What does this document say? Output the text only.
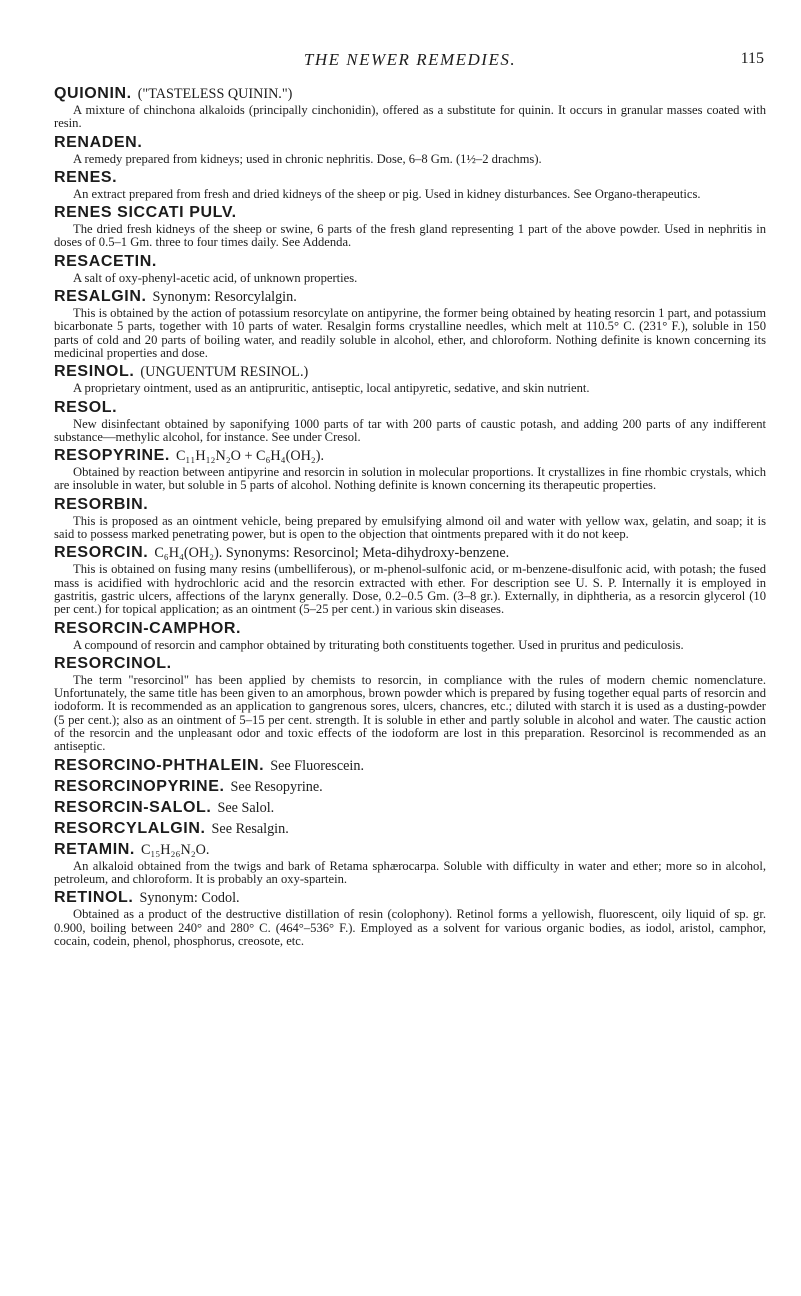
THE NEWER REMEDIES.	115
QUIONIN. ("TASTELESS QUININ.")

A mixture of chinchona alkaloids (principally cinchonidin), offered as a substitute for quinin. It occurs in granular masses coated with resin.

RENADEN.

A remedy prepared from kidneys; used in chronic nephritis. Dose, 6–8 Gm. (1½–2 drachms).

RENES.

An extract prepared from fresh and dried kidneys of the sheep or pig. Used in kidney disturbances. See Organo-therapeutics.

RENES SICCATI PULV.

The dried fresh kidneys of the sheep or swine, 6 parts of the fresh gland representing 1 part of the above powder. Used in nephritis in doses of 0.5–1 Gm. three to four times daily. See Addenda.

RESACETIN.

A salt of oxy-phenyl-acetic acid, of unknown properties.

RESALGIN. Synonym: Resorcylalgin.

This is obtained by the action of potassium resorcylate on antipyrine, the former being obtained by heating resorcin 1 part, and potassium bicarbonate 5 parts, together with 10 parts of water. Resalgin forms crystalline needles, which melt at 110.5° C. (231° F.), soluble in 150 parts of cold and 20 parts of boiling water, and readily soluble in alcohol, ether, and chloroform. Nothing definite is known concerning its medicinal properties and dose.

RESINOL. (UNGUENTUM RESINOL.)

A proprietary ointment, used as an antipruritic, antiseptic, local antipyretic, sedative, and skin nutrient.

RESOL.

New disinfectant obtained by saponifying 1000 parts of tar with 200 parts of caustic potash, and adding 200 parts of any indifferent substance—methylic alcohol, for instance. See under Cresol.

RESOPYRINE. C₁₁H₁₂N₂O + C₆H₄(OH₂).

Obtained by reaction between antipyrine and resorcin in solution in molecular proportions. It crystallizes in fine rhombic crystals, which are insoluble in water, but soluble in 5 parts of alcohol. Nothing definite is known concerning its therapeutic properties.

RESORBIN.

This is proposed as an ointment vehicle, being prepared by emulsifying almond oil and water with yellow wax, gelatin, and soap; it is said to possess marked penetrating power, but is open to the objection that ointments prepared with it do not keep.

RESORCIN. C₆H₄(OH₂). Synonyms: Resorcinol; Meta-dihydroxy-benzene.

This is obtained on fusing many resins (umbelliferous), or m-phenol-sulfonic acid, or m-benzene-disulfonic acid, with potash; the fused mass is acidified with hydrochloric acid and the resorcin extracted with ether. For description see U. S. P. Internally it is employed in gastritis, gastric ulcers, affections of the larynx generally. Dose, 0.2–0.5 Gm. (3–8 gr.). Externally, in diphtheria, as a resorcin glycerol (10 per cent.) for topical application; as an ointment (5–25 per cent.) in various skin diseases.

RESORCIN-CAMPHOR.

A compound of resorcin and camphor obtained by triturating both constituents together. Used in pruritus and pediculosis.

RESORCINOL.

The term "resorcinol" has been applied by chemists to resorcin, in compliance with the rules of modern chemic nomenclature. Unfortunately, the same title has been given to an amorphous, brown powder which is prepared by fusing together equal parts of resorcin and iodoform. It is recommended as an application to gangrenous sores, ulcers, chancres, etc.; diluted with starch it is used as a dusting-powder (5 per cent.); also as an ointment of 5–15 per cent. strength. It is soluble in ether and partly soluble in alcohol and water. The caustic action of the resorcin and the unpleasant odor and toxic effects of the iodoform are lost in this preparation. Resorcinol is recommended as an antiseptic.

RESORCINO-PHTHALEIN. See Fluorescein.
RESORCINOPYRINE. See Resopyrine.
RESORCIN-SALOL. See Salol.
RESORCYLALGIN. See Resalgin.
RETAMIN. C₁₅H₂₆N₂O.

An alkaloid obtained from the twigs and bark of Retama sphærocarpa. Soluble with difficulty in water and ether; more so in alcohol, petroleum, and chloroform. It is probably an oxy-spartein.

RETINOL. Synonym: Codol.

Obtained as a product of the destructive distillation of resin (colophony). Retinol forms a yellowish, fluorescent, oily liquid of sp. gr. 0.900, boiling between 240° and 280° C. (464°–536° F.). Employed as a solvent for various organic bodies, as iodol, aristol, camphor, cocain, codein, phenol, phosphorus, creosote, etc.
